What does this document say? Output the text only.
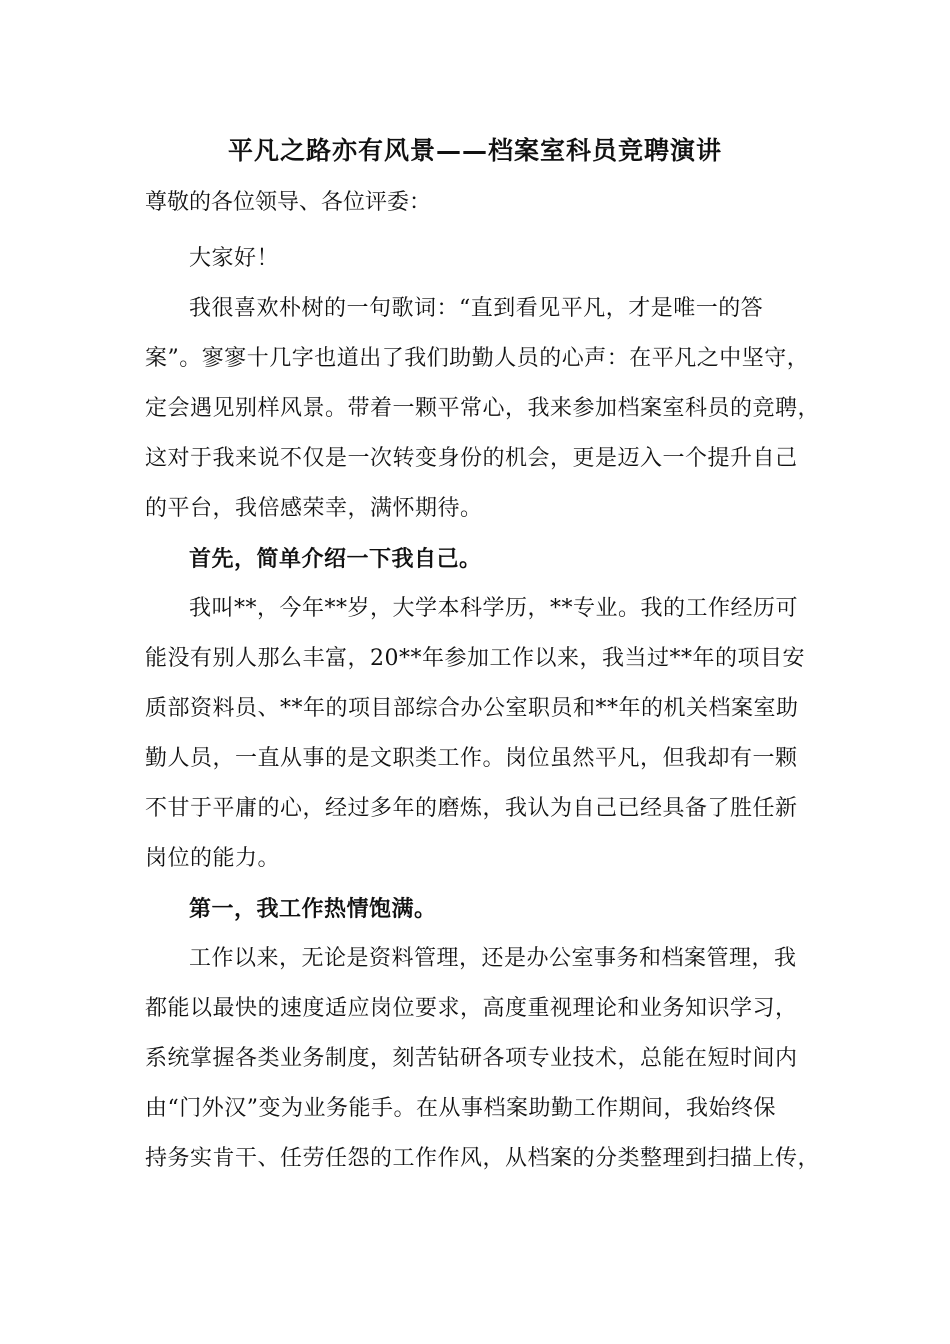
平凡之路亦有风景——档案室科员竞聘演讲

尊敬的各位领导、各位评委：

大家好！

我很喜欢朴树的一句歌词：“直到看见平凡，才是唯一的答
案”。寥寥十几字也道出了我们助勤人员的心声：在平凡之中坚守，
定会遇见别样风景。带着一颗平常心，我来参加档案室科员的竞聘，
这对于我来说不仅是一次转变身份的机会，更是迈入一个提升自己
的平台，我倍感荣幸，满怀期待。

首先，简单介绍一下我自己。

我叫**，今年**岁，大学本科学历，**专业。我的工作经历可
能没有别人那么丰富，20**年参加工作以来，我当过**年的项目安
质部资料员、**年的项目部综合办公室职员和**年的机关档案室助
勤人员，一直从事的是文职类工作。岗位虽然平凡，但我却有一颗
不甘于平庸的心，经过多年的磨炼，我认为自己已经具备了胜任新
岗位的能力。

第一，我工作热情饱满。

工作以来，无论是资料管理，还是办公室事务和档案管理，我
都能以最快的速度适应岗位要求，高度重视理论和业务知识学习，
系统掌握各类业务制度，刻苦钻研各项专业技术，总能在短时间内
由“门外汉”变为业务能手。在从事档案助勤工作期间，我始终保
持务实肯干、任劳任怨的工作作风，从档案的分类整理到扫描上传，
